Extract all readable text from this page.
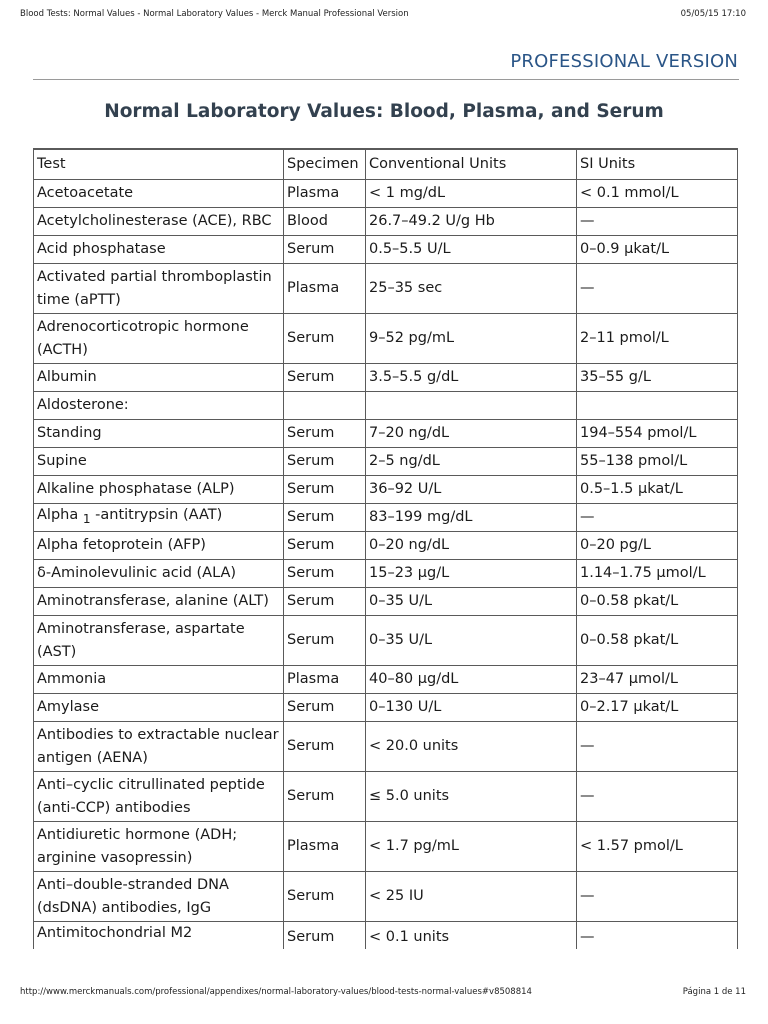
Blood Tests: Normal Values - Normal Laboratory Values - Merck Manual Professional Version	05/05/15 17:10
PROFESSIONAL VERSION
Normal Laboratory Values: Blood, Plasma, and Serum
Test	Specimen	Conventional Units	SI Units
Acetoacetate	Plasma	< 1 mg/dL	< 0.1 mmol/L
Acetylcholinesterase (ACE), RBC	Blood	26.7–49.2 U/g Hb	—
Acid phosphatase	Serum	0.5–5.5 U/L	0–0.9 μkat/L
Activated partial thromboplastin time (aPTT)	Plasma	25–35 sec	—
Adrenocorticotropic hormone (ACTH)	Serum	9–52 pg/mL	2–11 pmol/L
Albumin	Serum	3.5–5.5 g/dL	35–55 g/L
Aldosterone:			
Standing	Serum	7–20 ng/dL	194–554 pmol/L
Supine	Serum	2–5 ng/dL	55–138 pmol/L
Alkaline phosphatase (ALP)	Serum	36–92 U/L	0.5–1.5 μkat/L
Alpha $_1$ -antitrypsin (AAT)	Serum	83–199 mg/dL	—
Alpha fetoprotein (AFP)	Serum	0–20 ng/dL	0–20 pg/L
δ-Aminolevulinic acid (ALA)	Serum	15–23 μg/L	1.14–1.75 μmol/L
Aminotransferase, alanine (ALT)	Serum	0–35 U/L	0–0.58 pkat/L
Aminotransferase, aspartate (AST)	Serum	0–35 U/L	0–0.58 pkat/L
Ammonia	Plasma	40–80 μg/dL	23–47 μmol/L
Amylase	Serum	0–130 U/L	0–2.17 μkat/L
Antibodies to extractable nuclear antigen (AENA)	Serum	< 20.0 units	—
Anti–cyclic citrullinated peptide (anti-CCP) antibodies	Serum	≤ 5.0 units	—
Antidiuretic hormone (ADH; arginine vasopressin)	Plasma	< 1.7 pg/mL	< 1.57 pmol/L
Anti–double-stranded DNA (dsDNA) antibodies, IgG	Serum	< 25 IU	—
Antimitochondrial M2	Serum	< 0.1 units	—
http://www.merckmanuals.com/professional/appendixes/normal-laboratory-values/blood-tests-normal-values#v8508814	Página 1 de 11
